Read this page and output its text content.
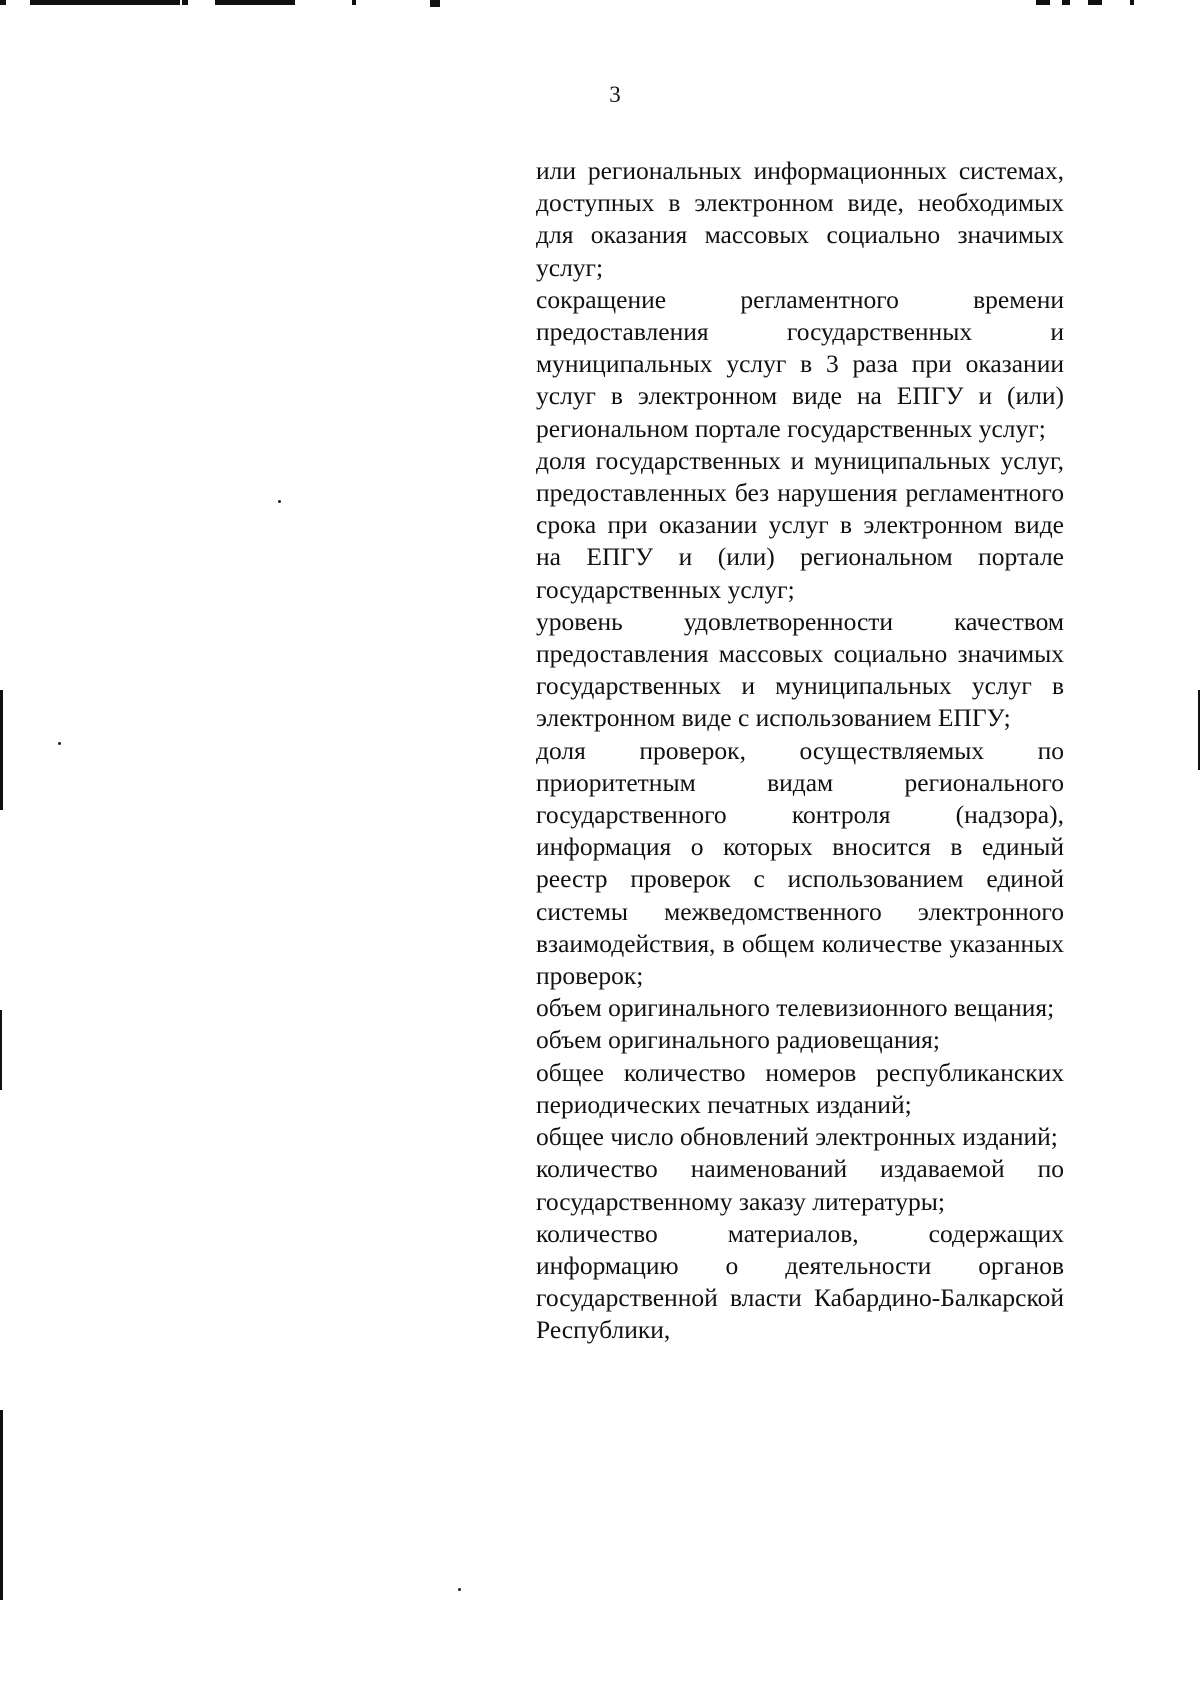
3

или региональных информационных системах, доступных в электронном виде, необходимых для оказания массовых социально значимых услуг;

сокращение регламентного времени предоставления государственных и муниципальных услуг в 3 раза при оказании услуг в электронном виде на ЕПГУ и (или) региональном портале государственных услуг;

доля государственных и муниципальных услуг, предоставленных без нарушения регламентного срока при оказании услуг в электронном виде на ЕПГУ и (или) региональном портале государственных услуг;

уровень удовлетворенности качеством предоставления массовых социально значимых государственных и муниципальных услуг в электронном виде с использованием ЕПГУ;

доля проверок, осуществляемых по приоритетным видам регионального государственного контроля (надзора), информация о которых вносится в единый реестр проверок с использованием единой системы межведомственного электронного взаимодействия, в общем количестве указанных проверок;

объем оригинального телевизионного вещания;

объем оригинального радиовещания;

общее количество номеров республиканских периодических печатных изданий;

общее число обновлений электронных изданий;

количество наименований издаваемой по государственному заказу литературы;

количество материалов, содержащих информацию о деятельности органов государственной власти Кабардино-Балкарской Республики,
